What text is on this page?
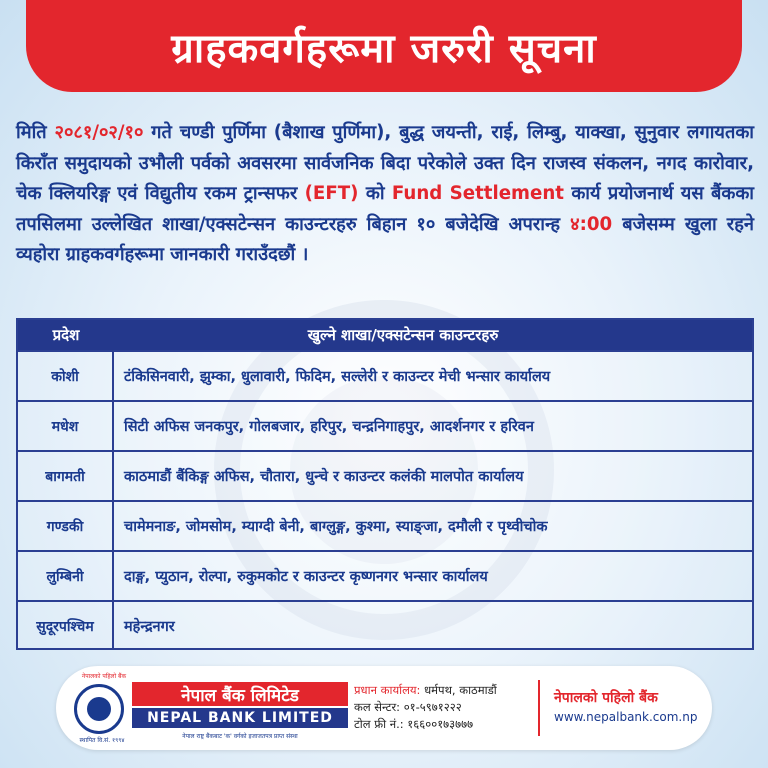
ग्राहकवर्गहरूमा जरुरी सूचना

मिति २०८१/०२/१० गते चण्डी पुर्णिमा (बैशाख पुर्णिमा), बुद्ध जयन्ती, राई, लिम्बु, याक्खा, सुनुवार लगायतका किराँत समुदायको उभौली पर्वको अवसरमा सार्वजनिक बिदा परेकोले उक्त दिन राजस्व संकलन, नगद कारोवार, चेक क्लियरिङ्ग एवं विद्युतीय रकम ट्रान्सफर (EFT) को Fund Settlement कार्य प्रयोजनार्थ यस बैंकका तपसिलमा उल्लेखित शाखा/एक्सटेन्सन काउन्टरहरु बिहान १० बजेदेखि अपरान्ह ४:00 बजेसम्म खुला रहने व्यहोरा ग्राहकवर्गहरूमा जानकारी गराउँदछौं ।

प्रदेश	खुल्ने शाखा/एक्सटेन्सन काउन्टरहरु
कोशी	टंकिसिनवारी, झुम्का, धुलावारी, फिदिम, सल्लेरी र काउन्टर मेची भन्सार कार्यालय
मधेश	सिटी अफिस जनकपुर, गोलबजार, हरिपुर, चन्द्रनिगाहपुर, आदर्शनगर र हरिवन
बागमती	काठमाडौं बैंकिङ्ग अफिस, चौतारा, धुन्चे र काउन्टर कलंकी मालपोत कार्यालय
गण्डकी	चामेमनाङ, जोमसोम, म्याग्दी बेनी, बाग्लुङ्ग, कुश्मा, स्याङ्जा, दमौली र पृथ्वीचोक
लुम्बिनी	दाङ्ग, प्युठान, रोल्पा, रुकुमकोट र काउन्टर कृष्णनगर भन्सार कार्यालय
सुदूरपश्चिम	महेन्द्रनगर
नेपालको पहिलो बैंक
स्थापित वि.सं. १९९४
नेपाल बैंक लिमिटेड
NEPAL BANK LIMITED
नेपाल राष्ट्र बैंकबाट 'क' वर्गको इजाजतपत्र प्राप्त संस्था
प्रधान कार्यालय: धर्मपथ, काठमाडौं
कल सेन्टर: ०१-५९७१२२२
टोल फ्री नं.: १६६००१७३७७७
नेपालको पहिलो बैंक
www.nepalbank.com.np
